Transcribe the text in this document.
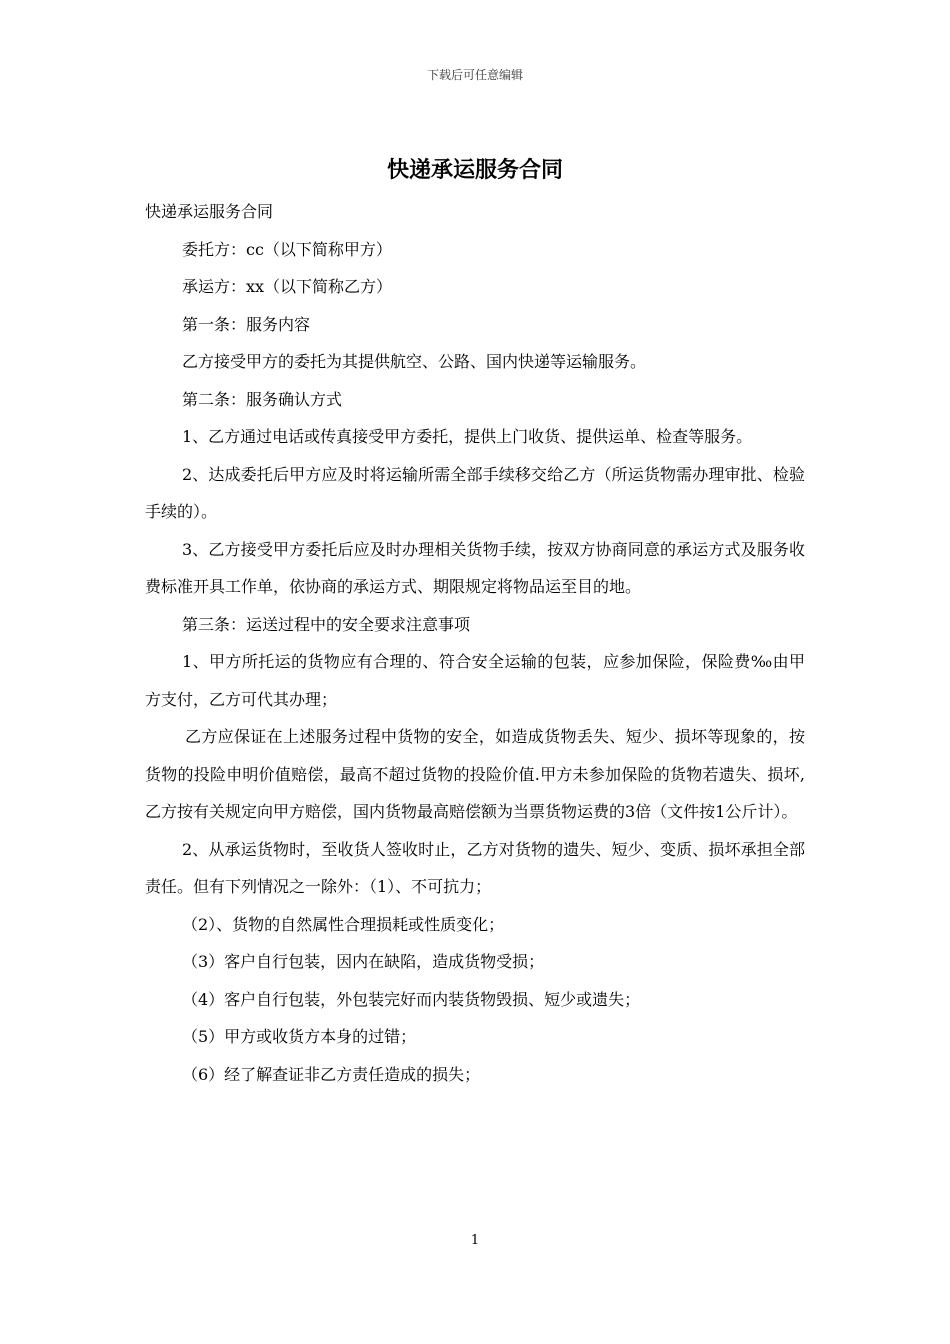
下载后可任意编辑
快递承运服务合同

快递承运服务合同

委托方：cc（以下简称甲方）

承运方：xx（以下简称乙方）

第一条：服务内容

乙方接受甲方的委托为其提供航空、公路、国内快递等运输服务。

第二条：服务确认方式

1、乙方通过电话或传真接受甲方委托，提供上门收货、提供运单、检查等服务。

2、达成委托后甲方应及时将运输所需全部手续移交给乙方（所运货物需办理审批、检验手续的）。

3、乙方接受甲方委托后应及时办理相关货物手续，按双方协商同意的承运方式及服务收费标准开具工作单，依协商的承运方式、期限规定将物品运至目的地。

第三条：运送过程中的安全要求注意事项

1、甲方所托运的货物应有合理的、符合安全运输的包装，应参加保险，保险费‰由甲方支付，乙方可代其办理；

乙方应保证在上述服务过程中货物的安全，如造成货物丢失、短少、损坏等现象的，按货物的投险申明价值赔偿，最高不超过货物的投险价值.甲方未参加保险的货物若遗失、损坏,乙方按有关规定向甲方赔偿，国内货物最高赔偿额为当票货物运费的3倍（文件按1公斤计）。

2、从承运货物时，至收货人签收时止，乙方对货物的遗失、短少、变质、损坏承担全部责任。但有下列情况之一除外：（1）、不可抗力；

（2）、货物的自然属性合理损耗或性质变化；

（3）客户自行包装，因内在缺陷，造成货物受损；

（4）客户自行包装，外包装完好而内装货物毁损、短少或遗失；

（5）甲方或收货方本身的过错；

（6）经了解查证非乙方责任造成的损失；

1
